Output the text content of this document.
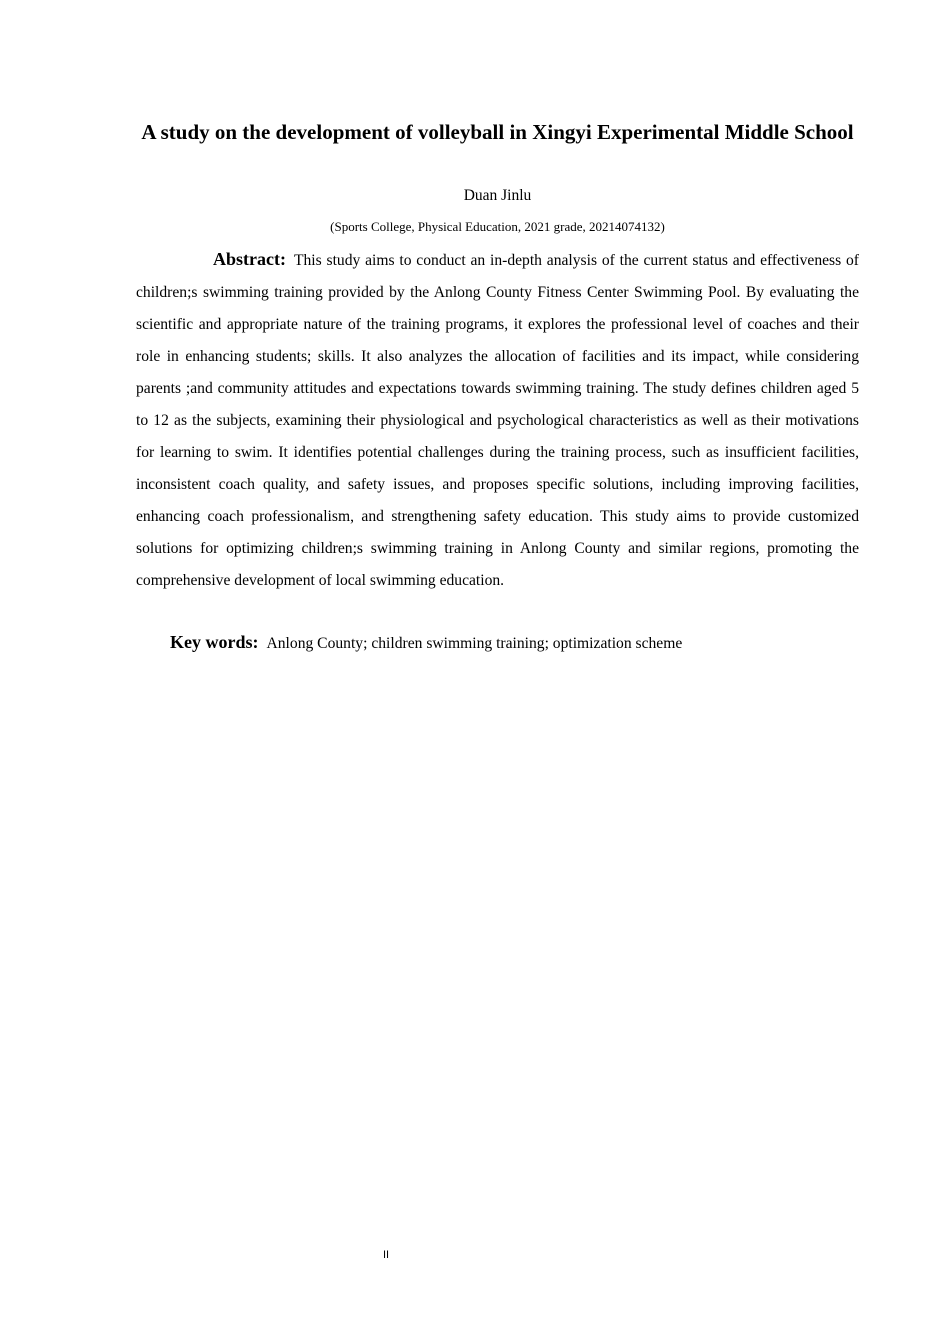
A study on the development of volleyball in Xingyi Experimental Middle School
Duan Jinlu
(Sports College, Physical Education, 2021 grade, 20214074132)

Abstract: This study aims to conduct an in-depth analysis of the current status and effectiveness of children;s swimming training provided by the Anlong County Fitness Center Swimming Pool. By evaluating the scientific and appropriate nature of the training programs, it explores the professional level of coaches and their role in enhancing students; skills. It also analyzes the allocation of facilities and its impact, while considering parents ;and community attitudes and expectations towards swimming training. The study defines children aged 5 to 12 as the subjects, examining their physiological and psychological characteristics as well as their motivations for learning to swim. It identifies potential challenges during the training process, such as insufficient facilities, inconsistent coach quality, and safety issues, and proposes specific solutions, including improving facilities, enhancing coach professionalism, and strengthening safety education. This study aims to provide customized solutions for optimizing children;s swimming training in Anlong County and similar regions, promoting the comprehensive development of local swimming education.

Key words: Anlong County; children swimming training; optimization scheme

II
